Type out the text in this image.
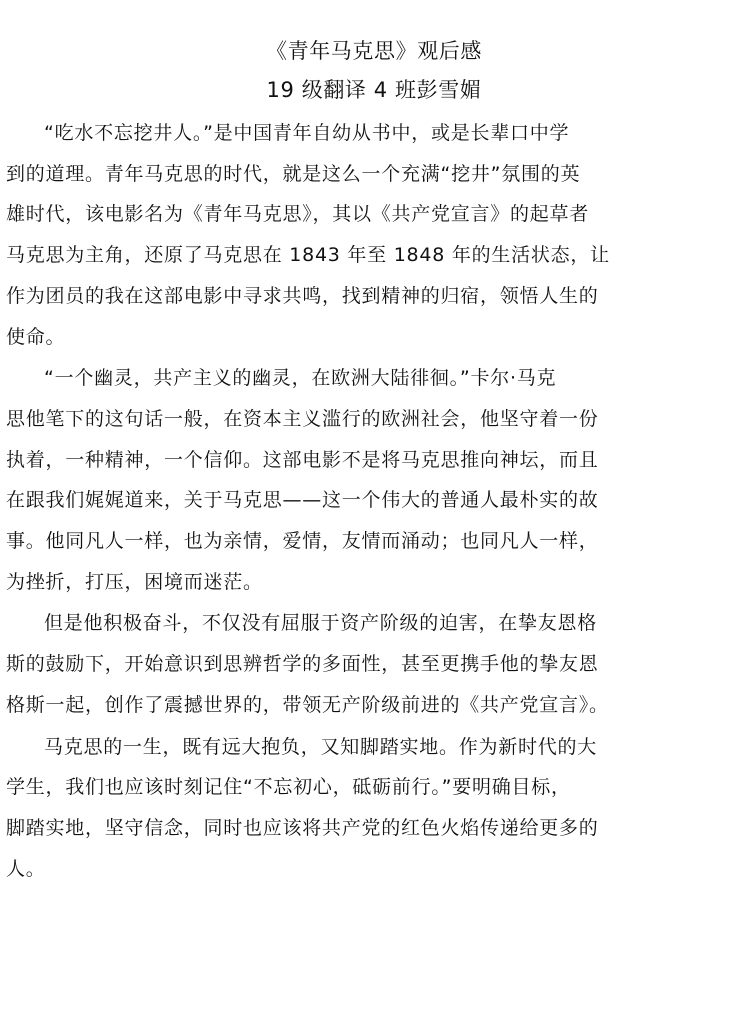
《青年马克思》观后感
19 级翻译 4 班彭雪媚
“吃水不忘挖井人。”是中国青年自幼从书中，或是长辈口中学
到的道理。青年马克思的时代，就是这么一个充满“挖井”氛围的英
雄时代，该电影名为《青年马克思》，其以《共产党宣言》的起草者
马克思为主角，还原了马克思在 1843 年至 1848 年的生活状态，让
作为团员的我在这部电影中寻求共鸣，找到精神的归宿，领悟人生的
使命。
“一个幽灵，共产主义的幽灵，在欧洲大陆徘徊。”卡尔·马克
思他笔下的这句话一般，在资本主义滥行的欧洲社会，他坚守着一份
执着，一种精神，一个信仰。这部电影不是将马克思推向神坛，而且
在跟我们娓娓道来，关于马克思——这一个伟大的普通人最朴实的故
事。他同凡人一样，也为亲情，爱情，友情而涌动；也同凡人一样，
为挫折，打压，困境而迷茫。
但是他积极奋斗，不仅没有屈服于资产阶级的迫害，在挚友恩格
斯的鼓励下，开始意识到思辨哲学的多面性，甚至更携手他的挚友恩
格斯一起，创作了震撼世界的，带领无产阶级前进的《共产党宣言》。
马克思的一生，既有远大抱负，又知脚踏实地。作为新时代的大
学生，我们也应该时刻记住“不忘初心，砥砺前行。”要明确目标，
脚踏实地，坚守信念，同时也应该将共产党的红色火焰传递给更多的
人。
